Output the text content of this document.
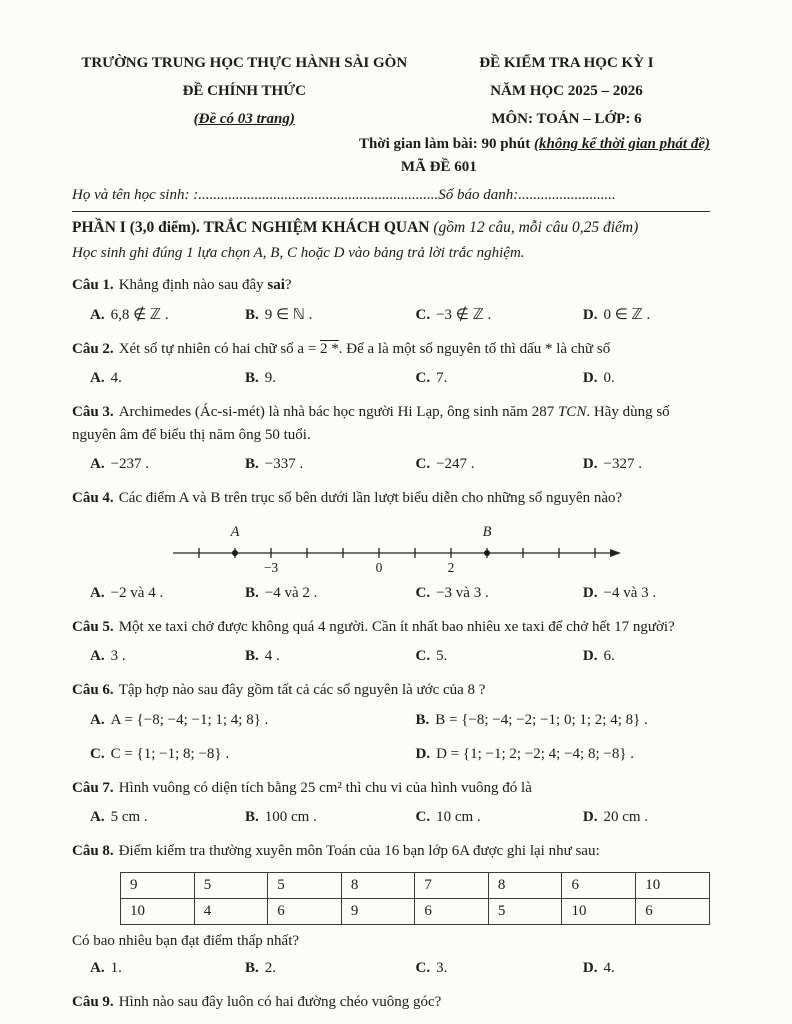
TRƯỜNG TRUNG HỌC THỰC HÀNH SÀI GÒN
ĐỀ CHÍNH THỨC
(Đề có 03 trang)
ĐỀ KIỂM TRA HỌC KỲ I
NĂM HỌC 2025 – 2026
MÔN: TOÁN – LỚP: 6
Thời gian làm bài: 90 phút (không kể thời gian phát đề)
MÃ ĐỀ 601
Họ và tên học sinh: :................................................................Số báo danh:..........................
PHẦN I (3,0 điểm). TRẮC NGHIỆM KHÁCH QUAN (gồm 12 câu, mỗi câu 0,25 điểm)
Học sinh ghi đúng 1 lựa chọn A, B, C hoặc D vào bảng trả lời trắc nghiệm.

Câu 1. Khẳng định nào sau đây sai?

A. 6,8 ∉ ℤ .	B. 9 ∈ ℕ .	C. −3 ∉ ℤ .	D. 0 ∈ ℤ .

Câu 2. Xét số tự nhiên có hai chữ số a = 2 *. Để a là một số nguyên tố thì dấu * là chữ số

A. 4.	B. 9.	C. 7.	D. 0.

Câu 3. Archimedes (Ác-si-mét) là nhà bác học người Hi Lạp, ông sinh năm 287 TCN. Hãy dùng số nguyên âm để biểu thị năm ông 50 tuổi.

A. −237 .	B. −337 .	C. −247 .	D. −327 .

Câu 4. Các điểm A và B trên trục số bên dưới lần lượt biểu diễn cho những số nguyên nào?

A	B
−3	0	2
A. −2 và 4 .	B. −4 và 2 .	C. −3 và 3 .	D. −4 và 3 .

Câu 5. Một xe taxi chở được không quá 4 người. Cần ít nhất bao nhiêu xe taxi để chở hết 17 người?

A. 3 .	B. 4 .	C. 5.	D. 6.

Câu 6. Tập hợp nào sau đây gồm tất cả các số nguyên là ước của 8 ?

A. A = {−8; −4; −1; 1; 4; 8} .	B. B = {−8; −4; −2; −1; 0; 1; 2; 4; 8} .
C. C = {1; −1; 8; −8} .	D. D = {1; −1; 2; −2; 4; −4; 8; −8} .

Câu 7. Hình vuông có diện tích bằng 25 cm² thì chu vi của hình vuông đó là

A. 5 cm .	B. 100 cm .	C. 10 cm .	D. 20 cm .

Câu 8. Điểm kiểm tra thường xuyên môn Toán của 16 bạn lớp 6A được ghi lại như sau:

9	5	5	8	7	8	6	10
10	4	6	9	6	5	10	6
Có bao nhiêu bạn đạt điểm thấp nhất?
A. 1.	B. 2.	C. 3.	D. 4.

Câu 9. Hình nào sau đây luôn có hai đường chéo vuông góc?
